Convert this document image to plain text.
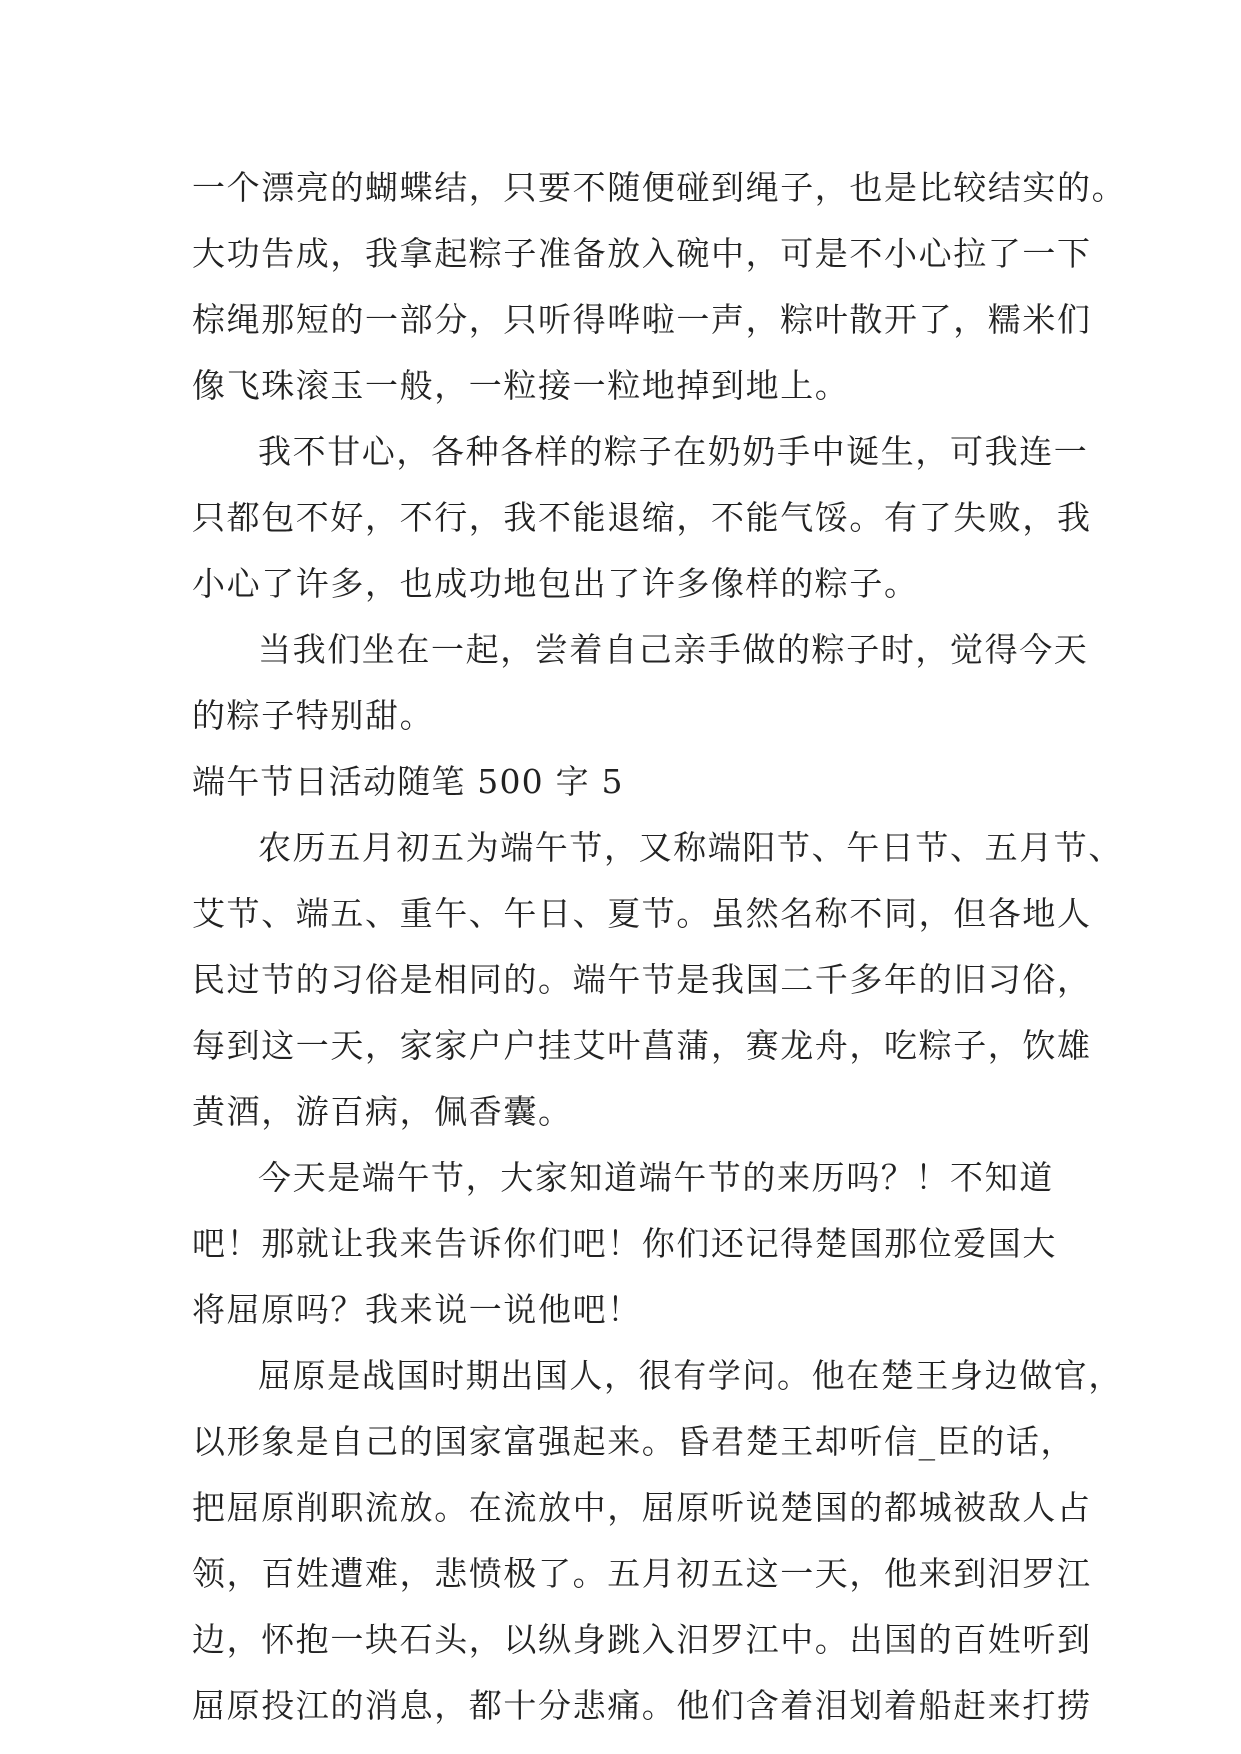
一个漂亮的蝴蝶结，只要不随便碰到绳子，也是比较结实的。
大功告成，我拿起粽子准备放入碗中，可是不小心拉了一下
棕绳那短的一部分，只听得哗啦一声，粽叶散开了，糯米们
像飞珠滚玉一般，一粒接一粒地掉到地上。
我不甘心，各种各样的粽子在奶奶手中诞生，可我连一
只都包不好，不行，我不能退缩，不能气馁。有了失败，我
小心了许多，也成功地包出了许多像样的粽子。
当我们坐在一起，尝着自己亲手做的粽子时，觉得今天
的粽子特别甜。
端午节日活动随笔 500 字 5
农历五月初五为端午节，又称端阳节、午日节、五月节、
艾节、端五、重午、午日、夏节。虽然名称不同，但各地人
民过节的习俗是相同的。端午节是我国二千多年的旧习俗，
每到这一天，家家户户挂艾叶菖蒲，赛龙舟，吃粽子，饮雄
黄酒，游百病，佩香囊。
今天是端午节，大家知道端午节的来历吗？！不知道
吧！那就让我来告诉你们吧！你们还记得楚国那位爱国大
将屈原吗？我来说一说他吧！
屈原是战国时期出国人，很有学问。他在楚王身边做官，
以形象是自己的国家富强起来。昏君楚王却听信_臣的话，
把屈原削职流放。在流放中，屈原听说楚国的都城被敌人占
领，百姓遭难，悲愤极了。五月初五这一天，他来到汨罗江
边，怀抱一块石头，以纵身跳入汨罗江中。出国的百姓听到
屈原投江的消息，都十分悲痛。他们含着泪划着船赶来打捞
